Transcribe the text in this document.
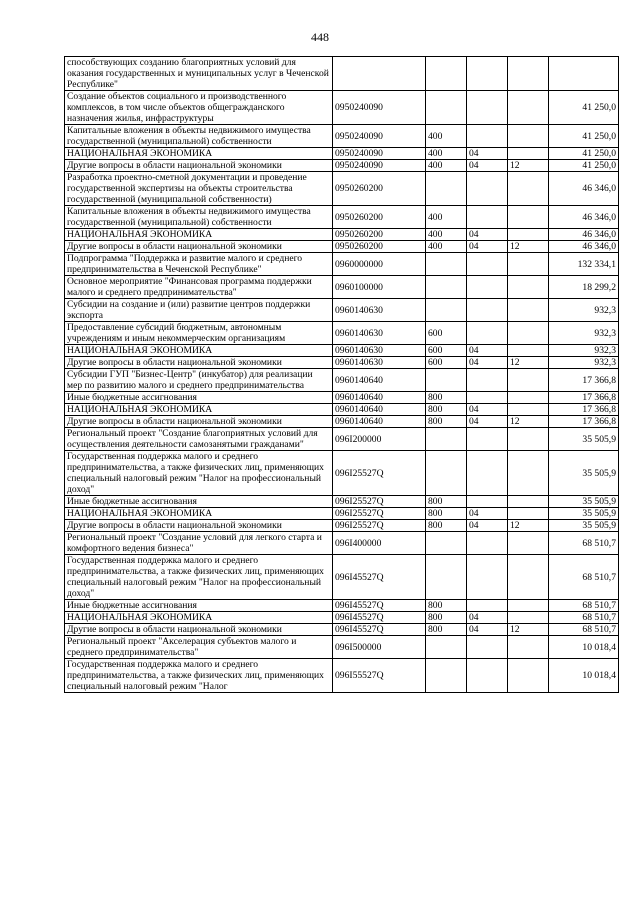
448
способствующих созданию благоприятных условий для оказания государственных и муниципальных услуг в Чеченской Республике"					
Создание объектов социального и производственного комплексов, в том числе объектов общегражданского назначения жилья, инфраструктуры	0950240090				41 250,0
Капитальные вложения в объекты недвижимого имущества государственной (муниципальной) собственности	0950240090	400			41 250,0
НАЦИОНАЛЬНАЯ ЭКОНОМИКА	0950240090	400	04		41 250,0
Другие вопросы в области национальной экономики	0950240090	400	04	12	41 250,0
Разработка проектно-сметной документации и проведение государственной экспертизы на объекты строительства государственной (муниципальной собственности)	0950260200				46 346,0
Капитальные вложения в объекты недвижимого имущества государственной (муниципальной) собственности	0950260200	400			46 346,0
НАЦИОНАЛЬНАЯ ЭКОНОМИКА	0950260200	400	04		46 346,0
Другие вопросы в области национальной экономики	0950260200	400	04	12	46 346,0
Подпрограмма "Поддержка и развитие малого и среднего предпринимательства в Чеченской Республике"	0960000000				132 334,1
Основное мероприятие "Финансовая программа поддержки малого и среднего предпринимательства"	0960100000				18 299,2
Субсидии на создание и (или) развитие центров поддержки экспорта	0960140630				932,3
Предоставление субсидий бюджетным, автономным учреждениям и иным некоммерческим организациям	0960140630	600			932,3
НАЦИОНАЛЬНАЯ ЭКОНОМИКА	0960140630	600	04		932,3
Другие вопросы в области национальной экономики	0960140630	600	04	12	932,3
Субсидии ГУП "Бизнес-Центр" (инкубатор) для реализации мер по развитию малого и среднего предпринимательства	0960140640				17 366,8
Иные бюджетные ассигнования	0960140640	800			17 366,8
НАЦИОНАЛЬНАЯ ЭКОНОМИКА	0960140640	800	04		17 366,8
Другие вопросы в области национальной экономики	0960140640	800	04	12	17 366,8
Региональный проект "Создание благоприятных условий для осуществления деятельности самозанятыми гражданами"	096I200000				35 505,9
Государственная поддержка малого и среднего предпринимательства, а также физических лиц, применяющих специальный налоговый режим "Налог на профессиональный доход"	096I25527Q				35 505,9
Иные бюджетные ассигнования	096I25527Q	800			35 505,9
НАЦИОНАЛЬНАЯ ЭКОНОМИКА	096I25527Q	800	04		35 505,9
Другие вопросы в области национальной экономики	096I25527Q	800	04	12	35 505,9
Региональный проект "Создание условий для легкого старта и комфортного ведения бизнеса"	096I400000				68 510,7
Государственная поддержка малого и среднего предпринимательства, а также физических лиц, применяющих специальный налоговый режим "Налог на профессиональный доход"	096I45527Q				68 510,7
Иные бюджетные ассигнования	096I45527Q	800			68 510,7
НАЦИОНАЛЬНАЯ ЭКОНОМИКА	096I45527Q	800	04		68 510,7
Другие вопросы в области национальной экономики	096I45527Q	800	04	12	68 510,7
Региональный проект "Акселерация субъектов малого и среднего предпринимательства"	096I500000				10 018,4
Государственная поддержка малого и среднего предпринимательства, а также физических лиц, применяющих специальный налоговый режим "Налог	096I55527Q				10 018,4
